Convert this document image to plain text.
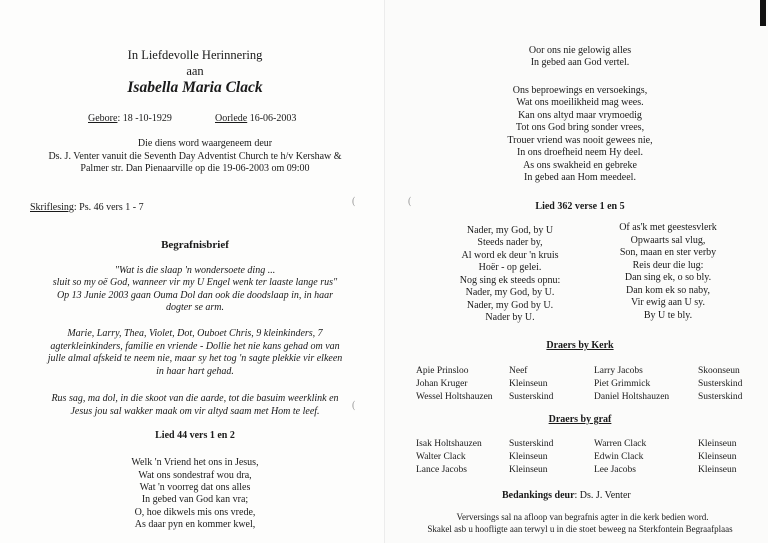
In Liefdevolle Herinnering
aan
Isabella Maria Clack
Gebore: 18 -10-1929	Oorlede 16-06-2003
Die diens word waargeneem deur
Ds. J. Venter vanuit die Seventh Day Adventist Church te h/v Kershaw &
Palmer str. Dan Pienaarville op die 19-06-2003 om 09:00
Skriflesing: Ps. 46 vers 1 - 7
(
Begrafnisbrief
"Wat is die slaap 'n wondersoete ding ...
sluit so my oë God, wanneer vir my U Engel wenk ter laaste lange rus"
Op 13 Junie 2003 gaan Ouma Dol dan ook die doodslaap in, in haar
dogter se arm.
Marie, Larry, Thea, Violet, Dot, Ouboet Chris, 9 kleinkinders, 7
agterkleinkinders, familie en vriende - Dollie het nie kans gehad om van
julle almal afskeid te neem nie, maar sy het tog 'n sagte plekkie vir elkeen
in haar hart gehad.
Rus sag, ma dol, in die skoot van die aarde, tot die basuim weerklink en
Jesus jou sal wakker maak om vir altyd saam met Hom te leef.
(
Lied 44 vers 1 en 2
Welk 'n Vriend het ons in Jesus,
Wat ons sondestraf wou dra,
Wat 'n voorreg dat ons alles
In gebed van God kan vra;
O, hoe dikwels mis ons vrede,
As daar pyn en kommer kwel,
Oor ons nie gelowig alles
In gebed aan God vertel.
Ons beproewings en versoekings,
Wat ons moeilikheid mag wees.
Kan ons altyd maar vrymoedig
Tot ons God bring sonder vrees,
Trouer vriend was nooit gewees nie,
In ons droefheid neem Hy deel.
As ons swakheid en gebreke
In gebed aan Hom meedeel.
(	Lied 362 verse 1 en 5
Nader, my God, by U
Steeds nader by,
Al word ek deur 'n kruis
Hoër - op gelei.
Nog sing ek steeds opnu:
Nader, my God, by U.
Nader, my God by U.
Nader by U.
Of as'k met geestesvlerk
Opwaarts sal vlug,
Son, maan en ster verby
Reis deur die lug:
Dan sing ek, o so bly.
Dan kom ek so naby,
Vir ewig aan U sy.
By U te bly.
Draers by Kerk
Apie Prinsloo	Neef	Larry Jacobs	Skoonseun
Johan Kruger	Kleinseun	Piet Grimmick	Susterskind
Wessel Holtshauzen Susterskind	Daniel Holtshauzen	Susterskind
Draers by graf
Isak Holtshauzen	Susterskind	Warren Clack	Kleinseun
Walter Clack	Kleinseun	Edwin Clack	Kleinseun
Lance Jacobs	Kleinseun	Lee Jacobs	Kleinseun
Bedankings deur: Ds. J. Venter
Verversings sal na afloop van begrafnis agter in die kerk bedien word.
Skakel asb u hoofligte aan terwyl u in die stoet beweeg na Sterkfontein Begraafplaas
